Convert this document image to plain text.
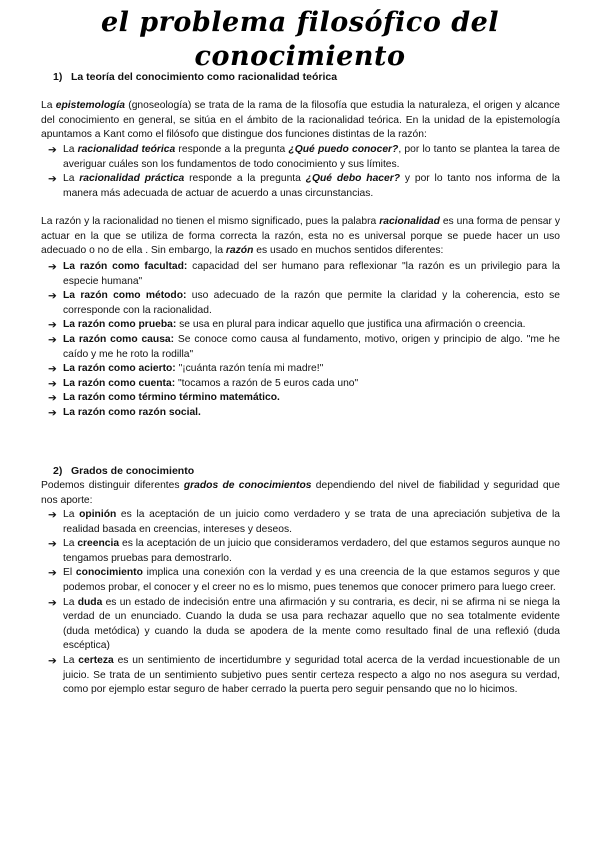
el problema filosófico del conocimiento
1) La teoría del conocimiento como racionalidad teórica

La epistemología (gnoseología) se trata de la rama de la filosofía que estudia la naturaleza, el origen y alcance del conocimiento en general, se sitúa en el ámbito de la racionalidad teórica. En la unidad de la epistemología apuntamos a Kant como el filósofo que distingue dos funciones distintas de la razón:

➔ La racionalidad teórica responde a la pregunta ¿Qué puedo conocer?, por lo tanto se plantea la tarea de averiguar cuáles son los fundamentos de todo conocimiento y sus límites.
➔ La racionalidad práctica responde a la pregunta ¿Qué debo hacer? y por lo tanto nos informa de la manera más adecuada de actuar de acuerdo a unas circunstancias.

La razón y la racionalidad no tienen el mismo significado, pues la palabra racionalidad es una forma de pensar y actuar en la que se utiliza de forma correcta la razón, esta no es universal porque se puede hacer un uso adecuado o no de ella . Sin embargo, la razón es usado en muchos sentidos diferentes:

➔ La razón como facultad: capacidad del ser humano para reflexionar "la razón es un privilegio para la especie humana"
➔ La razón como método: uso adecuado de la razón que permite la claridad y la coherencia, esto se corresponde con la racionalidad.
➔ La razón como prueba: se usa en plural para indicar aquello que justifica una afirmación o creencia.
➔ La razón como causa: Se conoce como causa al fundamento, motivo, origen y principio de algo. "me he caído y me he roto la rodilla"
➔ La razón como acierto: "¡cuánta razón tenía mi madre!"
➔ La razón como cuenta: "tocamos a razón de 5 euros cada uno"
➔ La razón como término término matemático.
➔ La razón como razón social.
2) Grados de conocimiento

Podemos distinguir diferentes grados de conocimientos dependiendo del nivel de fiabilidad y seguridad que nos aporte:

➔ La opinión es la aceptación de un juicio como verdadero y se trata de una apreciación subjetiva de la realidad basada en creencias, intereses y deseos.
➔ La creencia es la aceptación de un juicio que consideramos verdadero, del que estamos seguros aunque no tengamos pruebas para demostrarlo.
➔ El conocimiento implica una conexión con la verdad y es una creencia de la que estamos seguros y que podemos probar, el conocer y el creer no es lo mismo, pues tenemos que conocer primero para luego creer.
➔ La duda es un estado de indecisión entre una afirmación y su contraria, es decir, ni se afirma ni se niega la verdad de un enunciado. Cuando la duda se usa para rechazar aquello que no sea totalmente evidente (duda metódica) y cuando la duda se apodera de la mente como resultado final de una reflexió (duda escéptica)
➔ La certeza es un sentimiento de incertidumbre y seguridad total acerca de la verdad incuestionable de un juicio. Se trata de un sentimiento subjetivo pues sentir certeza respecto a algo no nos asegura su verdad, como por ejemplo estar seguro de haber cerrado la puerta pero seguir pensando que no lo hicimos.
